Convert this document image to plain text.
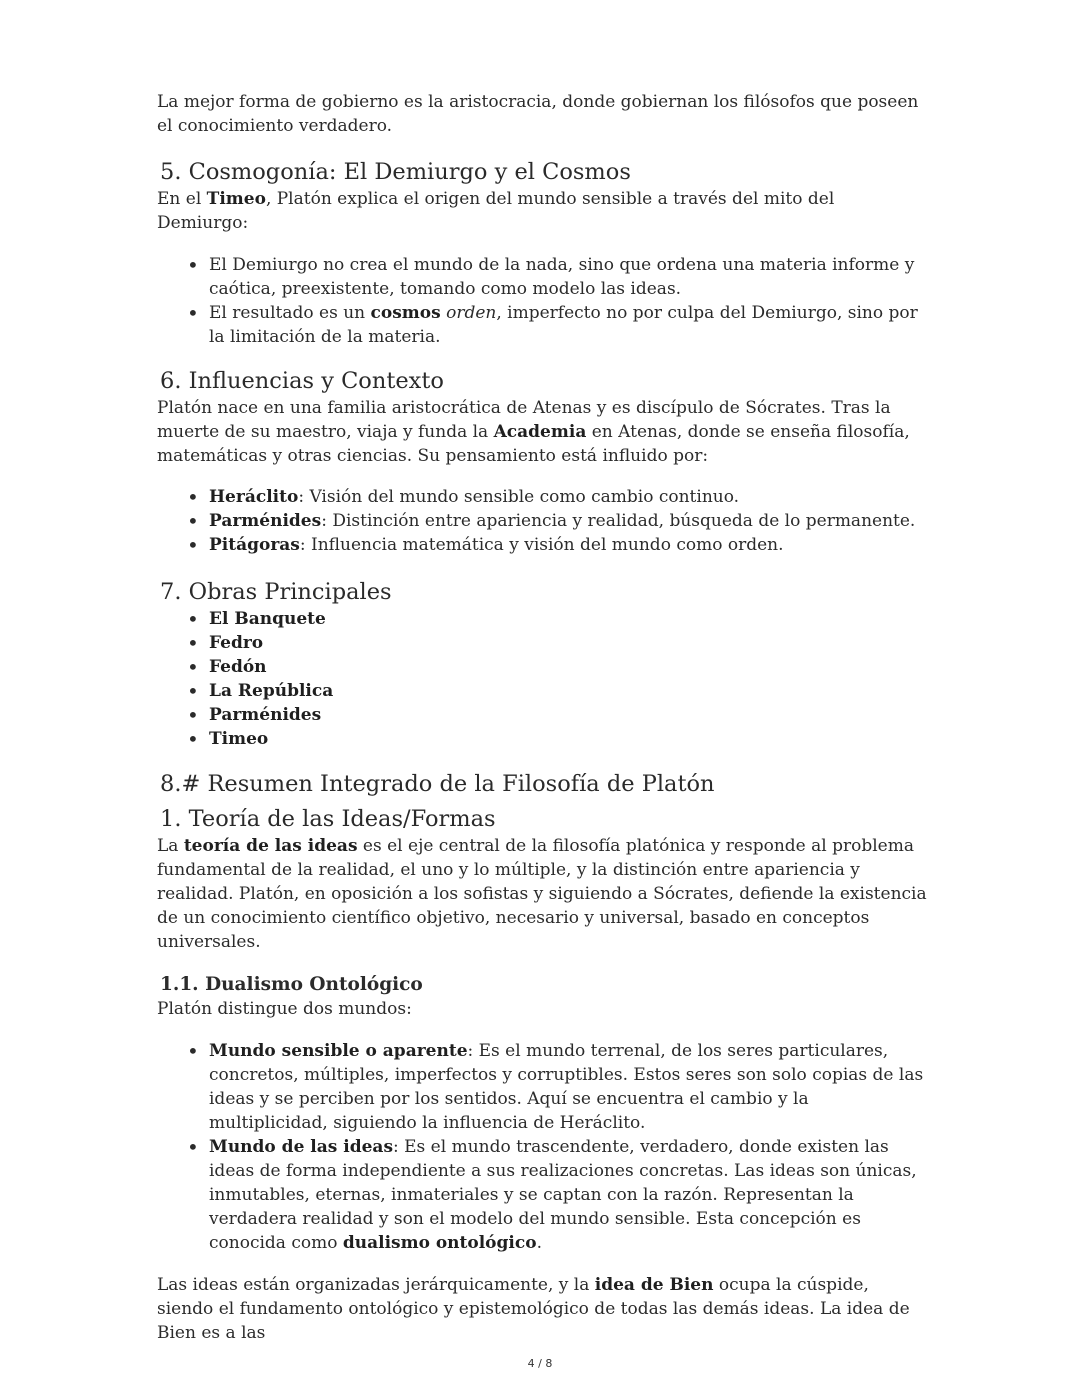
La mejor forma de gobierno es la aristocracia, donde gobiernan los filósofos que poseen el conocimiento verdadero.

5. Cosmogonía: El Demiurgo y el Cosmos

En el Timeo, Platón explica el origen del mundo sensible a través del mito del Demiurgo:

• El Demiurgo no crea el mundo de la nada, sino que ordena una materia informe y caótica, preexistente, tomando como modelo las ideas.
• El resultado es un cosmos orden, imperfecto no por culpa del Demiurgo, sino por la limitación de la materia.
6. Influencias y Contexto

Platón nace en una familia aristocrática de Atenas y es discípulo de Sócrates. Tras la muerte de su maestro, viaja y funda la Academia en Atenas, donde se enseña filosofía, matemáticas y otras ciencias. Su pensamiento está influido por:

• Heráclito: Visión del mundo sensible como cambio continuo.
• Parménides: Distinción entre apariencia y realidad, búsqueda de lo permanente.
• Pitágoras: Influencia matemática y visión del mundo como orden.
7. Obras Principales
• El Banquete
• Fedro
• Fedón
• La República
• Parménides
• Timeo
8.# Resumen Integrado de la Filosofía de Platón
1. Teoría de las Ideas/Formas

La teoría de las ideas es el eje central de la filosofía platónica y responde al problema fundamental de la realidad, el uno y lo múltiple, y la distinción entre apariencia y realidad. Platón, en oposición a los sofistas y siguiendo a Sócrates, defiende la existencia de un conocimiento científico objetivo, necesario y universal, basado en conceptos universales.

1.1. Dualismo Ontológico

Platón distingue dos mundos:

• Mundo sensible o aparente: Es el mundo terrenal, de los seres particulares, concretos, múltiples, imperfectos y corruptibles. Estos seres son solo copias de las ideas y se perciben por los sentidos. Aquí se encuentra el cambio y la multiplicidad, siguiendo la influencia de Heráclito.
• Mundo de las ideas: Es el mundo trascendente, verdadero, donde existen las ideas de forma independiente a sus realizaciones concretas. Las ideas son únicas, inmutables, eternas, inmateriales y se captan con la razón. Representan la verdadera realidad y son el modelo del mundo sensible. Esta concepción es conocida como dualismo ontológico.

Las ideas están organizadas jerárquicamente, y la idea de Bien ocupa la cúspide, siendo el fundamento ontológico y epistemológico de todas las demás ideas. La idea de Bien es a las

4 / 8
